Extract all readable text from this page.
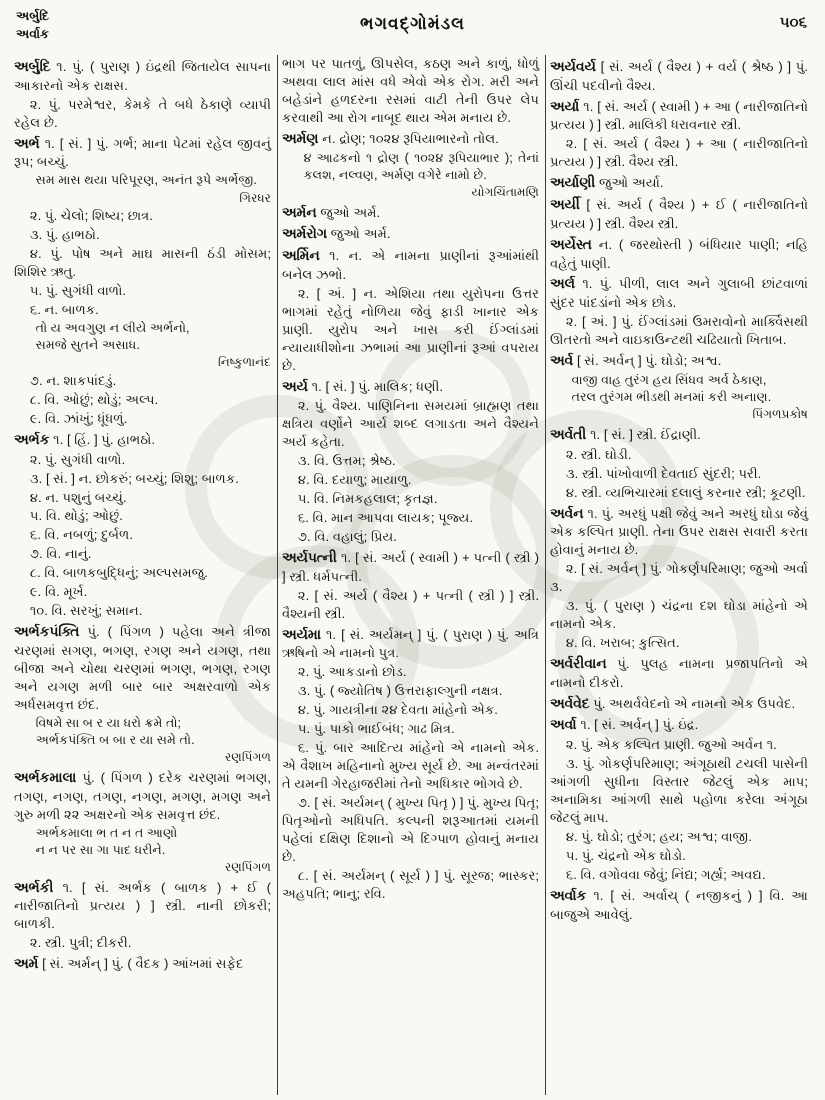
અર્બુદિ
અર્વાક
ભગવદ્ગોમંડલ	૫૦૬

અર્બુદિ ૧. પું. ( પુરાણ ) ઇંદ્રથી જિતાયેલ સાપના આકારનો એક રાક્ષસ.

૨. પું. પરમેશ્વર, કેમકે તે બધે ઠેકાણે વ્યાપી રહેલ છે.

અર્ભ ૧. [ સં. ] પું. ગર્ભ; માના પેટમાં રહેલ જીવનું રૂપ; બચ્ચું.

સમ માસ થયા પરિપૂરણ, અનંત રૂપે અર્ભેજી.
ગિરધર

૨. પું. ચેલો; શિષ્ય; છાત્ર.

૩. પું. હાભઠો.

૪. પું. પોષ અને માઘ માસની ઠંડી મોસમ; શિશિર ઋતુ.

૫. પું. સુગંધી વાળો.

૬. ન. બાળક.

તો ય અવગુણ ન લીયે અર્ભનો,
સમજે સુતને અસાધ.
નિષ્કુળાનંદ

૭. ન. શાકપાંદડું.

૮. વિ. ઓછું; થોડું; અલ્પ.

૯. વિ. ઝાંખું; ધૂંધળું.

અર્ભક ૧. [ હિં. ] પું. હાભઠો.

૨. પું. સુગંધી વાળો.

૩. [ સં. ] ન. છોકરું; બચ્ચું; શિશુ; બાળક.

૪. ન. પશુનું બચ્ચું.

૫. વિ. થોડું; ઓછું.

૬. વિ. નબળું; દુર્બળ.

૭. વિ. નાનું.

૮. વિ. બાળકબુદ્ધિનું; અલ્પસમજુ.

૯. વિ. મૂર્ખ.

૧૦. વિ. સરખું; સમાન.

અર્ભકપંક્તિ પું. ( પિંગળ ) પહેલા અને ત્રીજા ચરણમાં સગણ, ભગણ, રગણ અને યગણ, તથા બીજા અને ચોથા ચરણમાં ભગણ, ભગણ, રગણ અને યગણ મળી બાર બાર અક્ષરવાળો એક અર્ધસમવૃત્ત છંદ.

વિષમે સા બ ર યા ધરો ક્રમે તો;
અર્ભકપંક્તિ બ બા ર યા સમે તો.
રણપિંગળ

અર્ભકમાલા પું. ( પિંગળ ) દરેક ચરણમાં ભગણ, તગણ, નગણ, તગણ, નગણ, મગણ, મગણ અને ગુરુ મળી ૨૨ અક્ષરનો એક સમવૃત્ત છંદ.

અર્ભકમાલા ભ ત ન ત આણો
ન ન પર સા ગા પાદ ધરીને.
રણપિંગળ

અર્ભકી ૧. [ સં. અર્ભક ( બાળક ) + ઈ ( નારીજાતિનો પ્રત્યય ) ] સ્ત્રી. નાની છોકરી; બાળકી.

૨. સ્ત્રી. પુત્રી; દીકરી.

અર્મ [ સં. અર્મન્ ] પું. ( વૈદક ) આંખમાં સફેદ

ભાગ પર પાતળું, ઊપસેલ, કઠણ અને કાળું, ધોળું અથવા લાલ માંસ વધે એવો એક રોગ. મરી અને બહેડાંને હળદરના રસમાં વાટી તેની ઉપર લેપ કરવાથી આ રોગ નાબૂદ થાય એમ મનાય છે.

અર્મણ ન. દ્રોણ; ૧૦૨૪ રૂપિયાભારનો તોલ.

૪ આઢકનો ૧ દ્રોણ ( ૧૦૨૪ રૂપિયાભાર ); તેનાં કલશ, નલ્વણ, અર્મણ વગેરે નામો છે.
યોગચિંતામણિ

અર્મન જુઓ અર્મ.

અર્મરોગ જુઓ અર્મ.

અર્મિન ૧. ન. એ નામના પ્રાણીનાં રૂઆંમાંથી બનેલ ઝભો.

૨. [ અં. ] ન. એશિયા તથા યુરોપના ઉત્તર ભાગમાં રહેતું નોળિયા જેવું ફાડી ખાનાર એક પ્રાણી. યુરોપ અને ખાસ કરી ઈંગ્લાંડમાં ન્યાયાધીશોના ઝભામાં આ પ્રાણીનાં રૂઆં વપરાય છે.

અર્ય ૧. [ સં. ] પું. માલિક; ધણી.

૨. પું. વૈશ્ય. પાણિનિના સમયમાં બ્રાહ્મણ તથા ક્ષત્રિય વર્ણોને આર્ય શબ્દ લગાડતા અને વૈશ્યને અર્ય કહેતા.

૩. વિ. ઉત્તમ; શ્રેષ્ઠ.

૪. વિ. દયાળુ; માયાળુ.

૫. વિ. નિમકહલાલ; કૃતજ્ઞ.

૬. વિ. માન આપવા લાયક; પૂજ્ય.

૭. વિ. વહાલું; પ્રિય.

અર્યપત્ની ૧. [ સં. અર્ય ( સ્વામી ) + પત્ની ( સ્ત્રી ) ] સ્ત્રી. ધર્મપત્ની.

૨. [ સં. અર્ય ( વૈશ્ય ) + પત્ની ( સ્ત્રી ) ] સ્ત્રી. વૈશ્યની સ્ત્રી.

અર્યમા ૧. [ સં. અર્યમન્ ] પું. ( પુરાણ ) પું. અત્રિ ઋષિનો એ નામનો પુત્ર.

૨. પું. આકડાનો છોડ.

૩. પું. ( જ્યોતિષ ) ઉત્તરાફાલ્ગુની નક્ષત્ર.

૪. પું. ગાયત્રીના ૨૪ દેવતા માંહેનો એક.

૫. પું. પાકો ભાઈબંધ; ગાઢ મિત્ર.

૬. પું. બાર આદિત્ય માંહેનો એ નામનો એક. એ વૈશાખ મહિનાનો મુખ્ય સૂર્ય છે. આ મન્વંતરમાં તે યમની ગેરહાજરીમાં તેનો અધિકાર ભોગવે છે.

૭. [ સં. અર્યમન્ ( મુખ્ય પિતૃ ) ] પું. મુખ્ય પિતૃ; પિતૃઓનો અધિપતિ. કલ્પની શરૂઆતમાં યમની પહેલાં દક્ષિણ દિશાનો એ દિગ્પાળ હોવાનું મનાય છે.

૮. [ સં. અર્યમન્ ( સૂર્ય ) ] પું. સૂરજ; ભાસ્કર; અહપતિ; ભાનુ; રવિ.

અર્યવર્ય [ સં. અર્ય ( વૈશ્ય ) + વર્ય ( શ્રેષ્ઠ ) ] પું. ઊંચી પદવીનો વૈશ્ય.

અર્યા ૧. [ સં. અર્ય ( સ્વામી ) + આ ( નારીજાતિનો પ્રત્યય ) ] સ્ત્રી. માલિકી ધરાવનાર સ્ત્રી.

૨. [ સં. અર્ય ( વૈશ્ય ) + આ ( નારીજાતિનો પ્રત્યય ) ] સ્ત્રી. વૈશ્ય સ્ત્રી.

અર્યાણી જુઓ અર્યા.

અર્યી [ સં. અર્ય ( વૈશ્ય ) + ઈ ( નારીજાતિનો પ્રત્યય ) ] સ્ત્રી. વૈશ્ય સ્ત્રી.

અર્યેસ્ત ન. ( જરથોસ્તી ) બંધિયાર પાણી; નહિ વહેતું પાણી.

અર્લ ૧. પું. પીળી, લાલ અને ગુલાબી છાંટવાળાં સુંદર પાંદડાંનો એક છોડ.

૨. [ અં. ] પું. ઈંગ્લાંડમાં ઉમરાવોનો માર્ક્વિસથી ઊતરતો અને વાઇકાઉન્ટથી ચઢિયાતો ખિતાબ.

અર્વ [ સં. અર્વન્ ] પું. ઘોડો; અશ્વ.

વાજી વાહ તુરંગ હય સિંધવ અર્વ ઠેકાણ,
તરલ તુરંગમ ભીડથી મનમાં કરી અનાણ.
પિંગળપ્રકોષ

અર્વતી ૧. [ સં. ] સ્ત્રી. ઈંદ્રાણી.

૨. સ્ત્રી. ઘોડી.

૩. સ્ત્રી. પાંખોવાળી દેવતાઈ સુંદરી; પરી.

૪. સ્ત્રી. વ્યભિચારમાં દલાલું કરનાર સ્ત્રી; કૂટણી.

અર્વન ૧. પું. અરધું પક્ષી જેવું અને અરધું ઘોડા જેવું એક કલ્પિત પ્રાણી. તેના ઉપર રાક્ષસ સવારી કરતા હોવાનું મનાય છે.

૨. [ સં. અર્વન્ ] પું. ગોકર્ણપરિમાણ; જુઓ અર્વા ૩.

૩. પું. ( પુરાણ ) ચંદ્રના દશ ઘોડા માંહેનો એ નામનો એક.

૪. વિ. ખરાબ; કુત્સિત.

અર્વરીવાન પું. પુલહ નામના પ્રજાપતિનો એ નામનો દીકરો.

અર્વવેદ પું. અથર્વવેદનો એ નામનો એક ઉપવેદ.

અર્વા ૧. [ સં. અર્વન્ ] પું. ઇંદ્ર.

૨. પું. એક કલ્પિત પ્રાણી. જુઓ અર્વન ૧.

૩. પું. ગોકર્ણપરિમાણ; અંગૂઠાથી ટચલી પાસેની આંગળી સુધીના વિસ્તાર જેટલું એક માપ; અનામિકા આંગળી સાથે પહોળા કરેલા અંગૂઠા જેટલું માપ.

૪. પું. ઘોડો; તુરંગ; હય; અશ્વ; વાજી.

૫. પું. ચંદ્રનો એક ઘોડો.

૬. વિ. વગોવવા જેવું; નિંદ્ય; ગર્હ્ય; અવદ્ય.

અર્વાક ૧. [ સં. અર્વાચ્ ( નજીકનું ) ] વિ. આ બાજુએ આવેલું.
